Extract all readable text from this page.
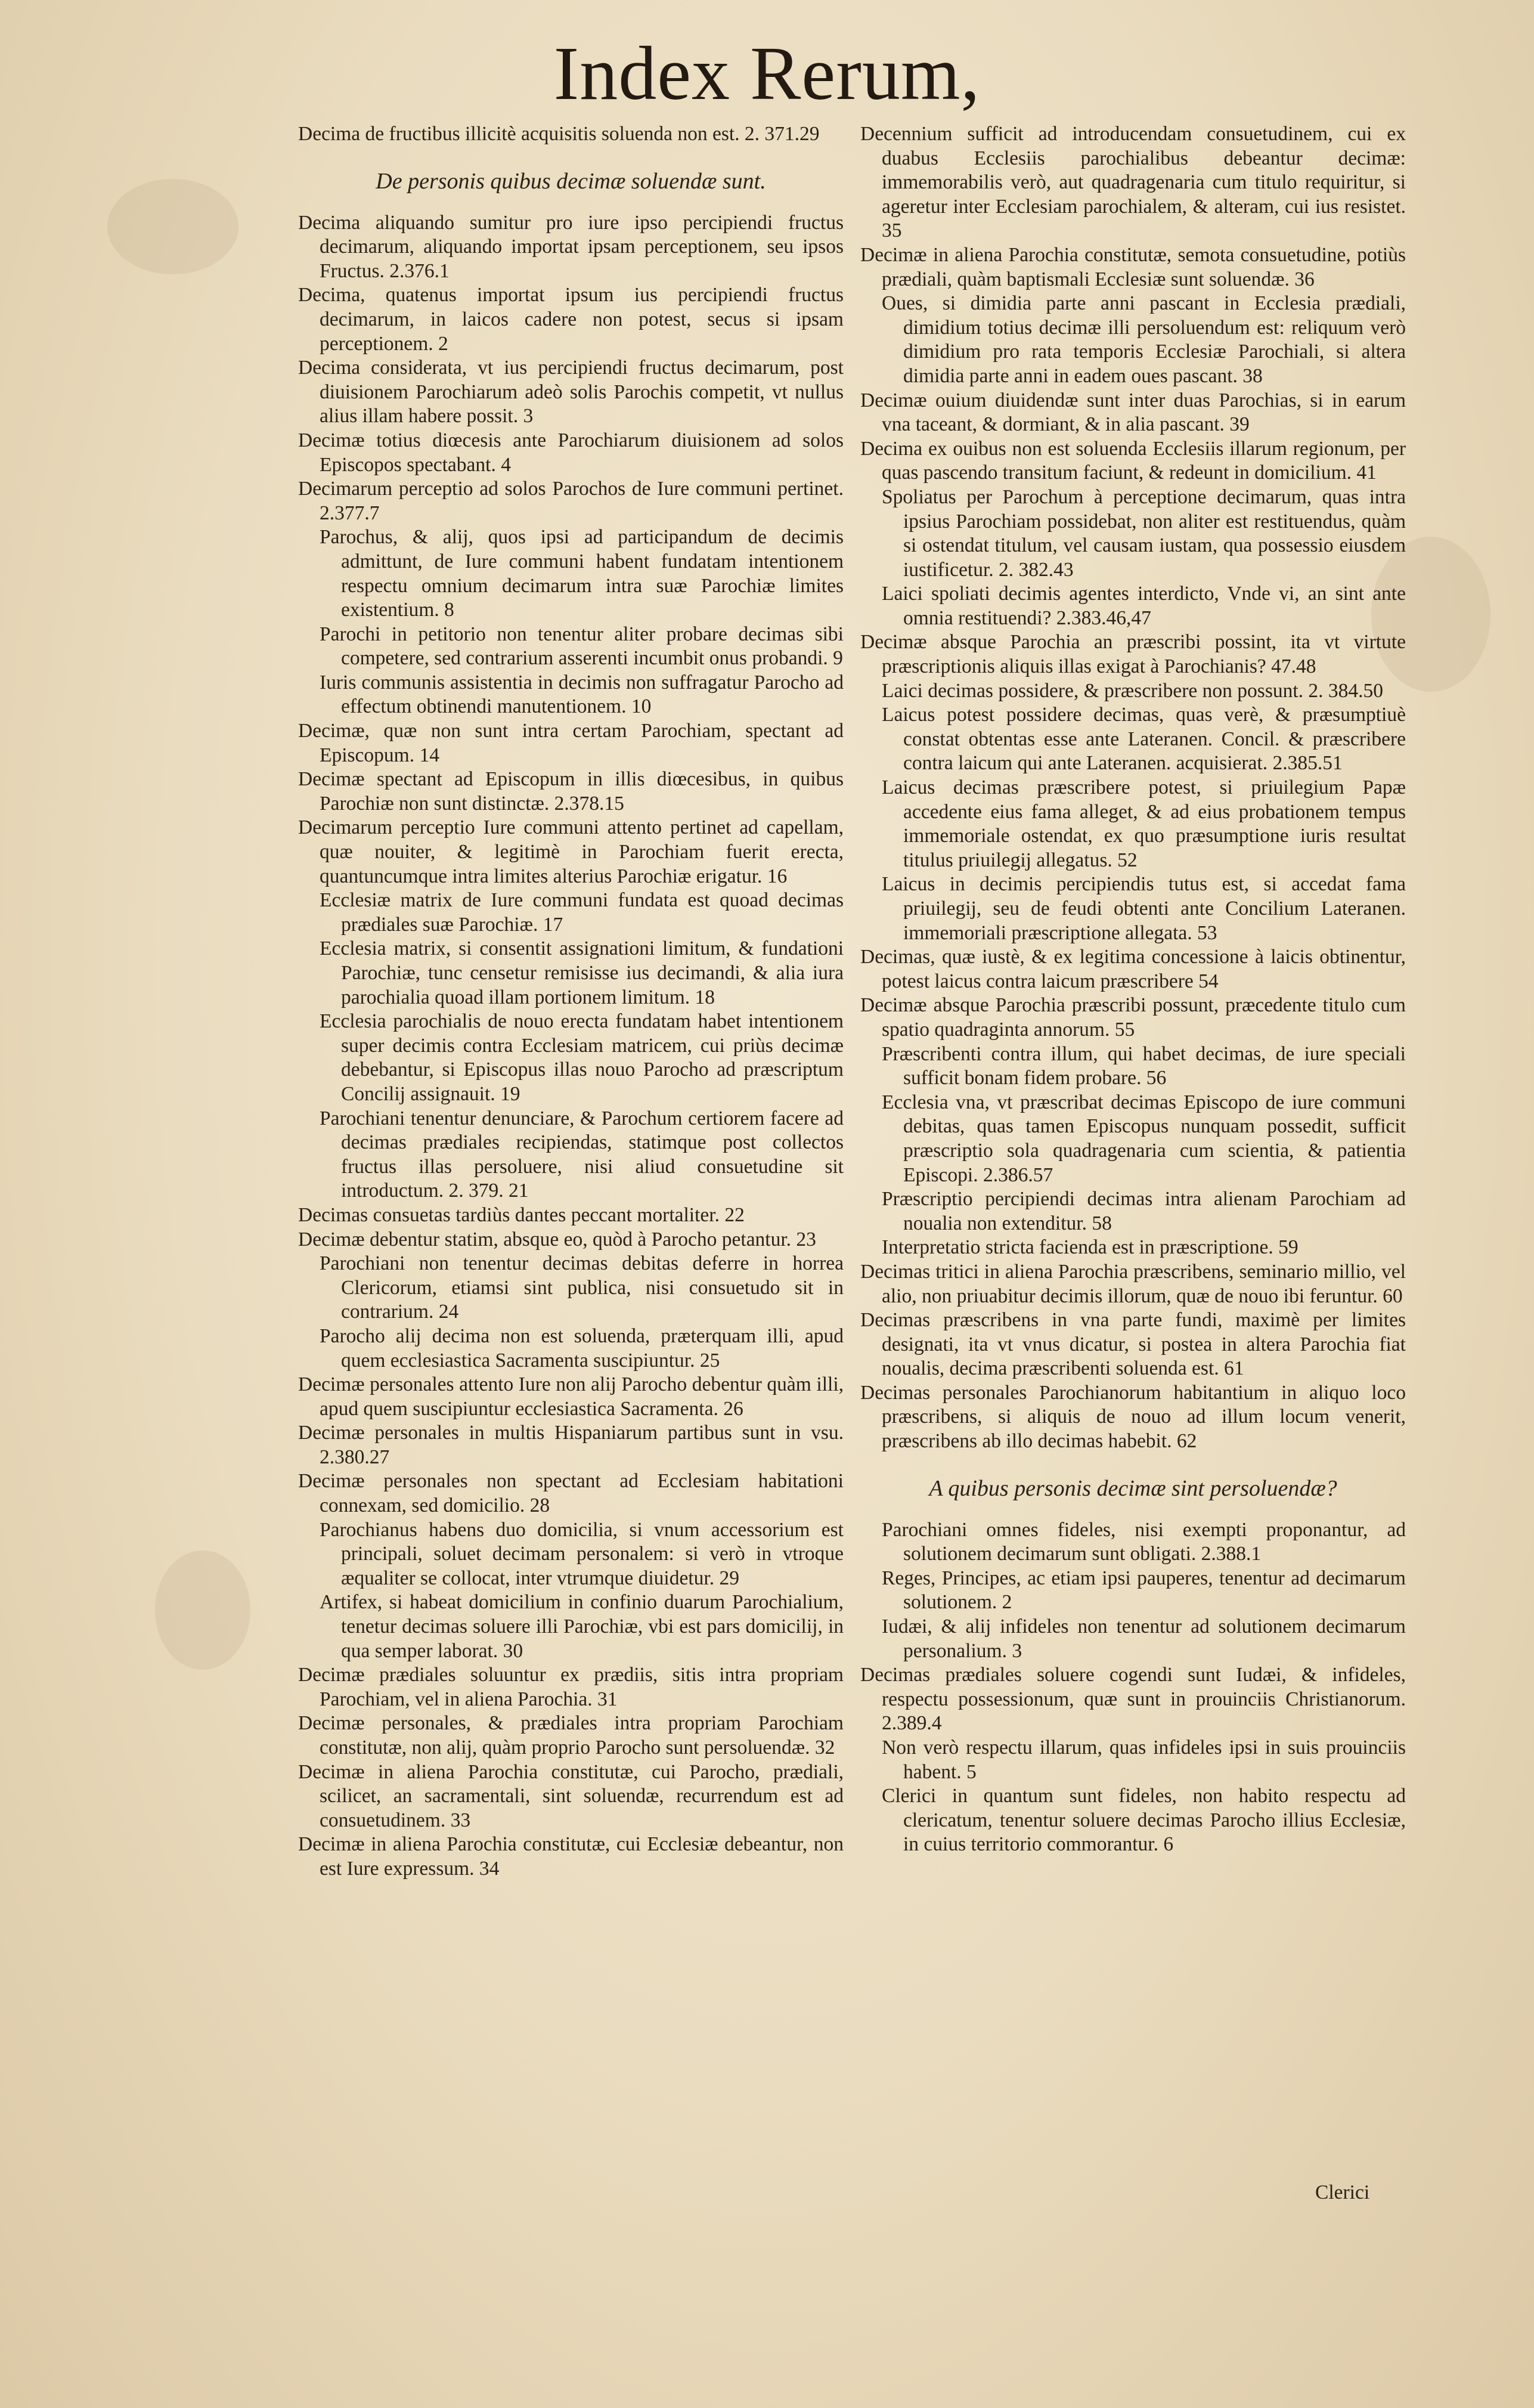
Index Rerum,

Decima de fructibus illicitè acquisitis soluenda non est. 2. 371.29

De personis quibus decimæ soluendæ sunt.

Decima aliquando sumitur pro iure ipso percipiendi fructus decimarum, aliquando importat ipsam perceptionem, seu ipsos Fructus. 2.376.1

Decima, quatenus importat ipsum ius percipiendi fructus decimarum, in laicos cadere non potest, secus si ipsam perceptionem. 2

Decima considerata, vt ius percipiendi fructus decimarum, post diuisionem Parochiarum adeò solis Parochis competit, vt nullus alius illam habere possit. 3

Decimæ totius diœcesis ante Parochiarum diuisionem ad solos Episcopos spectabant. 4

Decimarum perceptio ad solos Parochos de Iure communi pertinet. 2.377.7

Parochus, & alij, quos ipsi ad participandum de decimis admittunt, de Iure communi habent fundatam intentionem respectu omnium decimarum intra suæ Parochiæ limites existentium. 8

Parochi in petitorio non tenentur aliter probare decimas sibi competere, sed contrarium asserenti incumbit onus probandi. 9

Iuris communis assistentia in decimis non suffragatur Parocho ad effectum obtinendi manutentionem. 10

Decimæ, quæ non sunt intra certam Parochiam, spectant ad Episcopum. 14

Decimæ spectant ad Episcopum in illis diœcesibus, in quibus Parochiæ non sunt distinctæ. 2.378.15

Decimarum perceptio Iure communi attento pertinet ad capellam, quæ nouiter, & legitimè in Parochiam fuerit erecta, quantuncumque intra limites alterius Parochiæ erigatur. 16

Ecclesiæ matrix de Iure communi fundata est quoad decimas prædiales suæ Parochiæ. 17

Ecclesia matrix, si consentit assignationi limitum, & fundationi Parochiæ, tunc censetur remisisse ius decimandi, & alia iura parochialia quoad illam portionem limitum. 18

Ecclesia parochialis de nouo erecta fundatam habet intentionem super decimis contra Ecclesiam matricem, cui priùs decimæ debebantur, si Episcopus illas nouo Parocho ad præscriptum Concilij assignauit. 19

Parochiani tenentur denunciare, & Parochum certiorem facere ad decimas prædiales recipiendas, statimque post collectos fructus illas persoluere, nisi aliud consuetudine sit introductum. 2. 379. 21

Decimas consuetas tardiùs dantes peccant mortaliter. 22

Decimæ debentur statim, absque eo, quòd à Parocho petantur. 23

Parochiani non tenentur decimas debitas deferre in horrea Clericorum, etiamsi sint publica, nisi consuetudo sit in contrarium. 24

Parocho alij decima non est soluenda, præterquam illi, apud quem ecclesiastica Sacramenta suscipiuntur. 25

Decimæ personales attento Iure non alij Parocho debentur quàm illi, apud quem suscipiuntur ecclesiastica Sacramenta. 26

Decimæ personales in multis Hispaniarum partibus sunt in vsu. 2.380.27

Decimæ personales non spectant ad Ecclesiam habitationi connexam, sed domicilio. 28

Parochianus habens duo domicilia, si vnum accessorium est principali, soluet decimam personalem: si verò in vtroque æqualiter se collocat, inter vtrumque diuidetur. 29

Artifex, si habeat domicilium in confinio duarum Parochialium, tenetur decimas soluere illi Parochiæ, vbi est pars domicilij, in qua semper laborat. 30

Decimæ prædiales soluuntur ex prædiis, sitis intra propriam Parochiam, vel in aliena Parochia. 31

Decimæ personales, & prædiales intra propriam Parochiam constitutæ, non alij, quàm proprio Parocho sunt persoluendæ. 32

Decimæ in aliena Parochia constitutæ, cui Parocho, prædiali, scilicet, an sacramentali, sint soluendæ, recurrendum est ad consuetudinem. 33

Decimæ in aliena Parochia constitutæ, cui Ecclesiæ debeantur, non est Iure expressum. 34

Decennium sufficit ad introducendam consuetudinem, cui ex duabus Ecclesiis parochialibus debeantur decimæ: immemorabilis verò, aut quadragenaria cum titulo requiritur, si ageretur inter Ecclesiam parochialem, & alteram, cui ius resistet. 35

Decimæ in aliena Parochia constitutæ, semota consuetudine, potiùs prædiali, quàm baptismali Ecclesiæ sunt soluendæ. 36

Oues, si dimidia parte anni pascant in Ecclesia prædiali, dimidium totius decimæ illi persoluendum est: reliquum verò dimidium pro rata temporis Ecclesiæ Parochiali, si altera dimidia parte anni in eadem oues pascant. 38

Decimæ ouium diuidendæ sunt inter duas Parochias, si in earum vna taceant, & dormiant, & in alia pascant. 39

Decima ex ouibus non est soluenda Ecclesiis illarum regionum, per quas pascendo transitum faciunt, & redeunt in domicilium. 41

Spoliatus per Parochum à perceptione decimarum, quas intra ipsius Parochiam possidebat, non aliter est restituendus, quàm si ostendat titulum, vel causam iustam, qua possessio eiusdem iustificetur. 2. 382.43

Laici spoliati decimis agentes interdicto, Vnde vi, an sint ante omnia restituendi? 2.383.46,47

Decimæ absque Parochia an præscribi possint, ita vt virtute præscriptionis aliquis illas exigat à Parochianis? 47.48

Laici decimas possidere, & præscribere non possunt. 2. 384.50

Laicus potest possidere decimas, quas verè, & præsumptiuè constat obtentas esse ante Lateranen. Concil. & præscribere contra laicum qui ante Lateranen. acquisierat. 2.385.51

Laicus decimas præscribere potest, si priuilegium Papæ accedente eius fama alleget, & ad eius probationem tempus immemoriale ostendat, ex quo præsumptione iuris resultat titulus priuilegij allegatus. 52

Laicus in decimis percipiendis tutus est, si accedat fama priuilegij, seu de feudi obtenti ante Concilium Lateranen. immemoriali præscriptione allegata. 53

Decimas, quæ iustè, & ex legitima concessione à laicis obtinentur, potest laicus contra laicum præscribere 54

Decimæ absque Parochia præscribi possunt, præcedente titulo cum spatio quadraginta annorum. 55

Præscribenti contra illum, qui habet decimas, de iure speciali sufficit bonam fidem probare. 56

Ecclesia vna, vt præscribat decimas Episcopo de iure communi debitas, quas tamen Episcopus nunquam possedit, sufficit præscriptio sola quadragenaria cum scientia, & patientia Episcopi. 2.386.57

Præscriptio percipiendi decimas intra alienam Parochiam ad noualia non extenditur. 58

Interpretatio stricta facienda est in præscriptione. 59

Decimas tritici in aliena Parochia præscribens, seminario millio, vel alio, non priuabitur decimis illorum, quæ de nouo ibi feruntur. 60

Decimas præscribens in vna parte fundi, maximè per limites designati, ita vt vnus dicatur, si postea in altera Parochia fiat noualis, decima præscribenti soluenda est. 61

Decimas personales Parochianorum habitantium in aliquo loco præscribens, si aliquis de nouo ad illum locum venerit, præscribens ab illo decimas habebit. 62

A quibus personis decimæ sint persoluendæ?

Parochiani omnes fideles, nisi exempti proponantur, ad solutionem decimarum sunt obligati. 2.388.1

Reges, Principes, ac etiam ipsi pauperes, tenentur ad decimarum solutionem. 2

Iudæi, & alij infideles non tenentur ad solutionem decimarum personalium. 3

Decimas prædiales soluere cogendi sunt Iudæi, & infideles, respectu possessionum, quæ sunt in prouinciis Christianorum. 2.389.4

Non verò respectu illarum, quas infideles ipsi in suis prouinciis habent. 5

Clerici in quantum sunt fideles, non habito respectu ad clericatum, tenentur soluere decimas Parocho illius Ecclesiæ, in cuius territorio commorantur. 6

Clerici
